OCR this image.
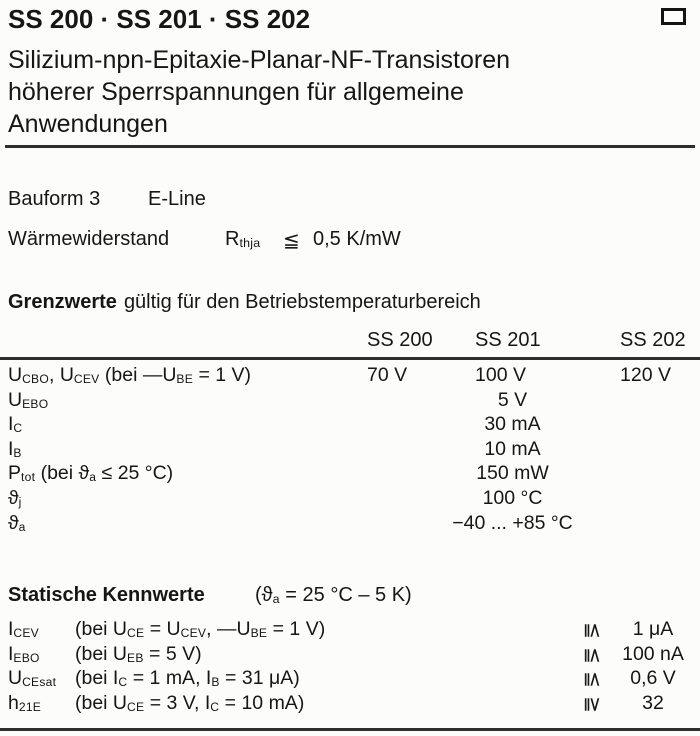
SS 200 · SS 201 · SS 202
Silizium-npn-Epitaxie-Planar-NF-Transistoren
höherer Sperrspannungen für allgemeine
Anwendungen
Bauform 3 E-Line
Wärmewiderstand	$R_{thja}$ ≦ 0,5 K/mW
Grenzwerte gültig für den Betriebstemperaturbereich
SS 200 SS 201	SS 202
$U_{CBO}$, $U_{CEV}$ (bei $—U_{BE} = 1$ V)	70 V	100 V	120 V
$U_{EBO}$	5 V
$I_C$	30 mA
$I_B$	10 mA
$P_{tot}$ (bei $ϑ_a \le 25$ °C)	150 mW
$ϑ_j$	100 °C
$ϑ_a$	−40 ... +85 °C
Statische Kennwerte	($ϑ_a = 25$ °C – 5 K)
$I_{CEV}$ (bei $U_{CE} = U_{CEV}$, $—U_{BE} = 1$ V)	≦	1 μA
$I_{EBO}$ (bei $U_{EB} = 5$ V)	≦ 100 nA
$U_{CEsat}$ (bei $I_C = 1$ mA, $I_B = 31$ μA)	≦	0,6 V
$h_{21E}$ (bei $U_{CE} = 3$ V, $I_C = 10$ mA)	≧	32
